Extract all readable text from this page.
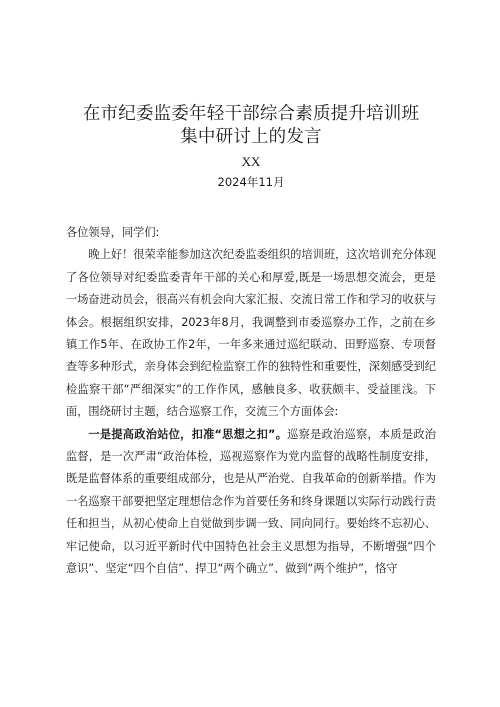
在市纪委监委年轻干部综合素质提升培训班
集中研讨上的发言
XX
2024年11月

各位领导，同学们:

晚上好！很荣幸能参加这次纪委监委组织的培训班，这次培训充分体现了各位领导对纪委监委青年干部的关心和厚爱,既是一场思想交流会，更是一场奋进动员会，很高兴有机会向大家汇报、交流日常工作和学习的收获与体会。根据组织安排，2023年8月，我调整到市委巡察办工作，之前在乡镇工作5年、在政协工作2年，一年多来通过巡纪联动、田野巡察、专项督查等多种形式，亲身体会到纪检监察工作的独特性和重要性，深刻感受到纪检监察干部“严细深实”的工作作风，感触良多、收获颇丰、受益匪浅。下面，围绕研讨主题，结合巡察工作，交流三个方面体会:

一是提高政治站位，扣准“思想之扣”。巡察是政治巡察，本质是政治监督，是一次严肃“政治体检，巡视巡察作为党内监督的战略性制度安排，既是监督体系的重要组成部分，也是从严治党、自我革命的创新举措。作为一名巡察干部要把坚定理想信念作为首要任务和终身课题以实际行动践行责任和担当，从初心使命上自觉做到步调一致、同向同行。要始终不忘初心、牢记使命，以习近平新时代中国特色社会主义思想为指导，不断增强“四个意识”、坚定“四个自信”、捍卫“两个确立”、做到“两个维护”，恪守
